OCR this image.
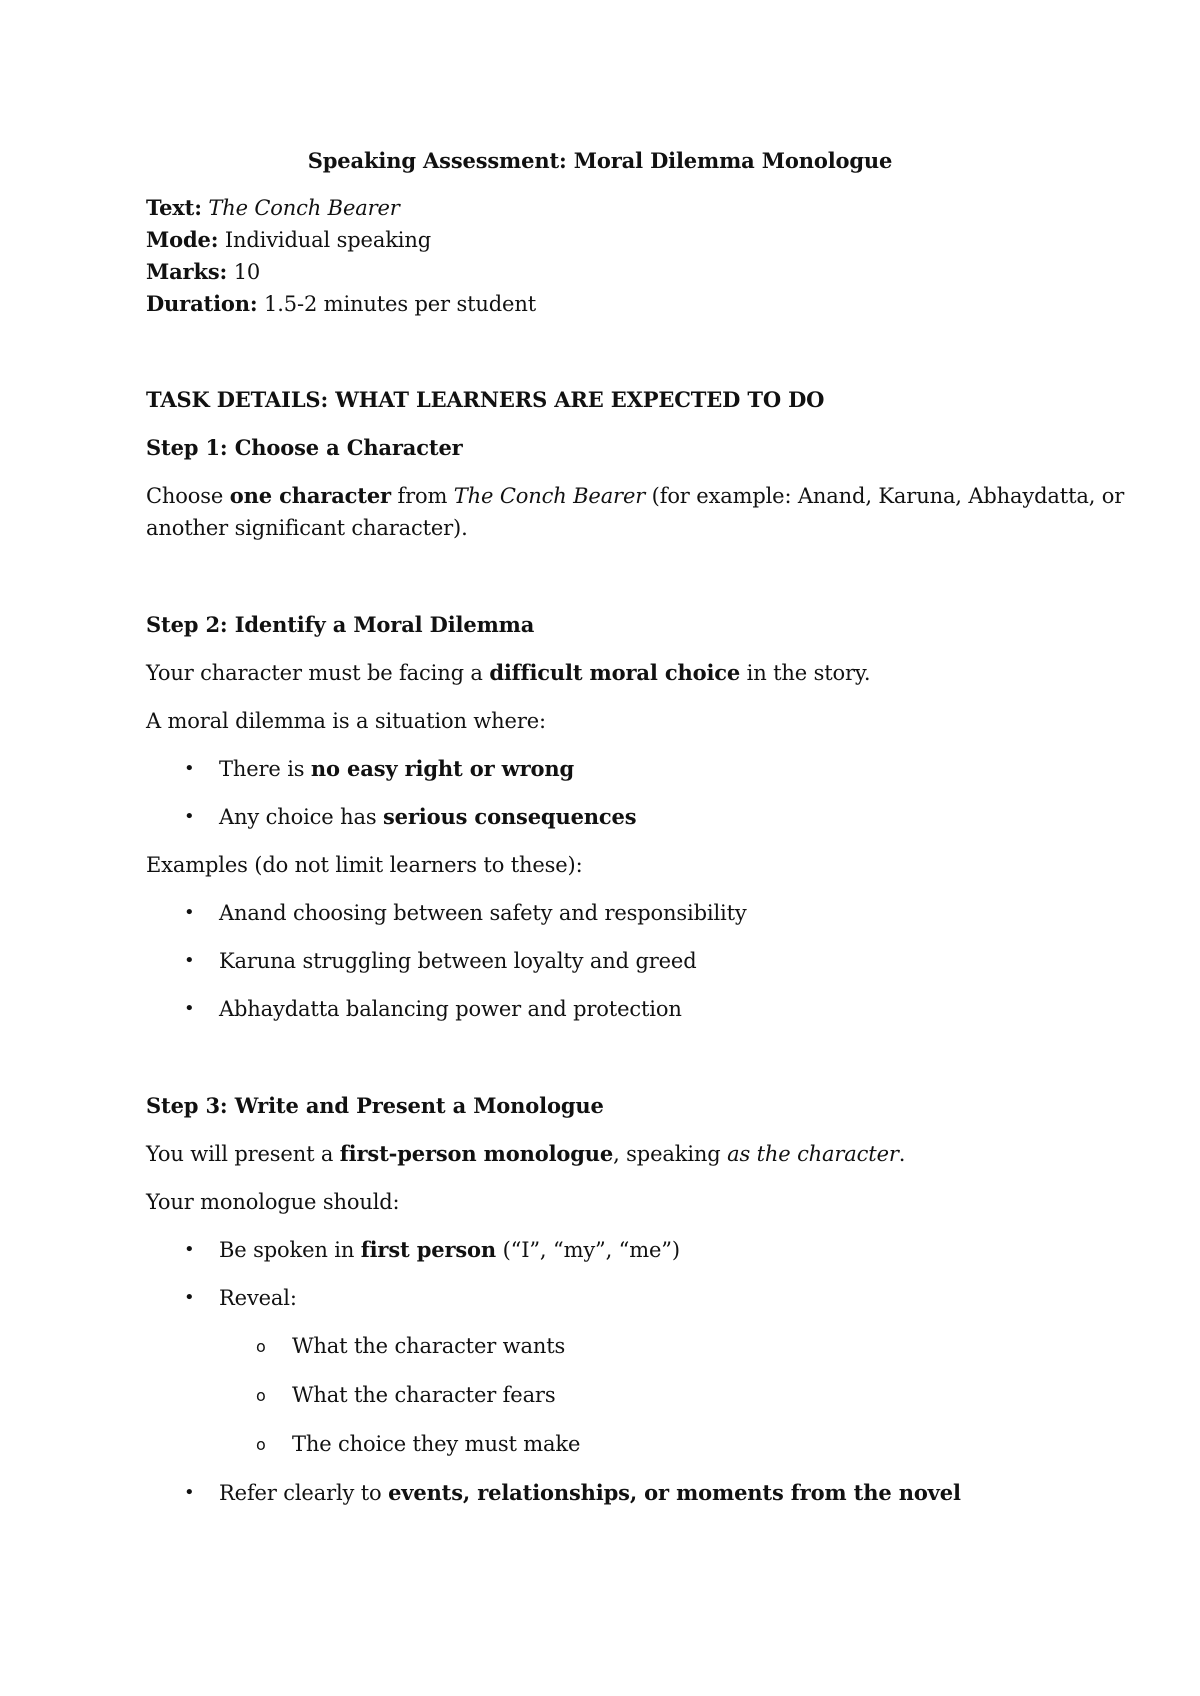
Speaking Assessment: Moral Dilemma Monologue
Text: The Conch Bearer
Mode: Individual speaking
Marks: 10
Duration: 1.5-2 minutes per student
TASK DETAILS: WHAT LEARNERS ARE EXPECTED TO DO
Step 1: Choose a Character
Choose one character from The Conch Bearer (for example: Anand, Karuna, Abhaydatta, or
another significant character).
Step 2: Identify a Moral Dilemma
Your character must be facing a difficult moral choice in the story.
A moral dilemma is a situation where:
• There is no easy right or wrong
• Any choice has serious consequences
Examples (do not limit learners to these):
• Anand choosing between safety and responsibility
• Karuna struggling between loyalty and greed
• Abhaydatta balancing power and protection
Step 3: Write and Present a Monologue
You will present a first-person monologue, speaking as the character.
Your monologue should:
• Be spoken in first person (“I”, “my”, “me”)
• Reveal:
o What the character wants
o What the character fears
o The choice they must make
• Refer clearly to events, relationships, or moments from the novel
